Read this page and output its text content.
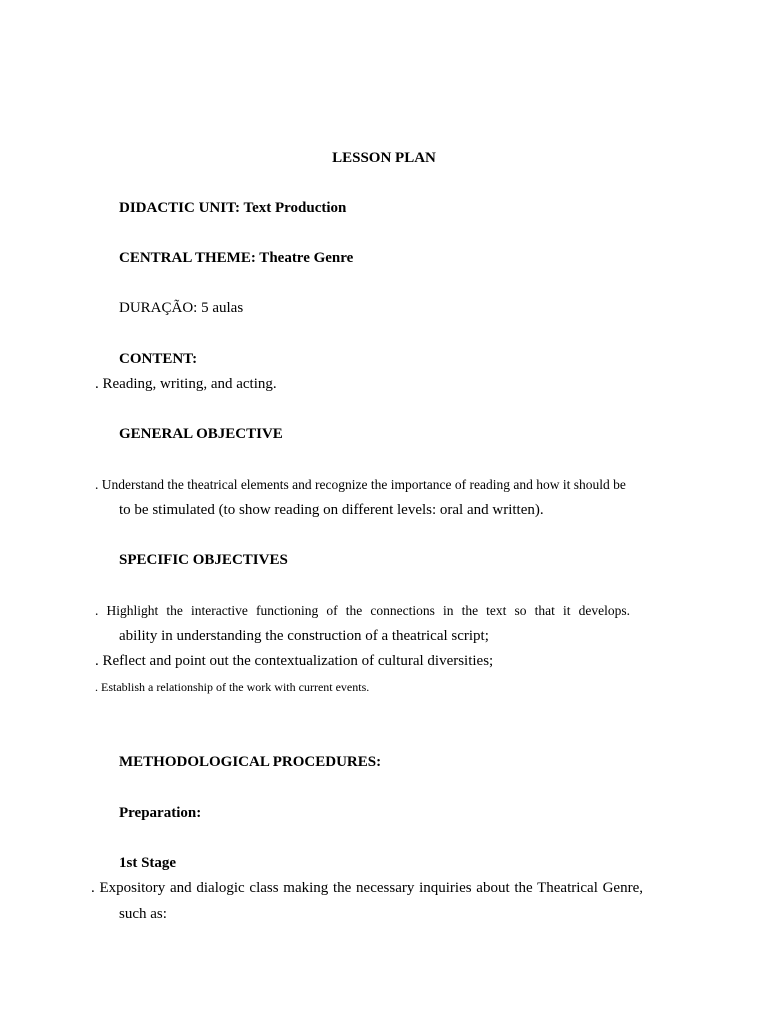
LESSON PLAN
DIDACTIC UNIT: Text Production
CENTRAL THEME: Theatre Genre
DURAÇÃO: 5 aulas
CONTENT:
. Reading, writing, and acting.
GENERAL OBJECTIVE
. Understand the theatrical elements and recognize the importance of reading and how it should be
to be stimulated (to show reading on different levels: oral and written).
SPECIFIC OBJECTIVES
. Highlight the interactive functioning of the connections in the text so that it develops.
ability in understanding the construction of a theatrical script;
. Reflect and point out the contextualization of cultural diversities;
. Establish a relationship of the work with current events.
METHODOLOGICAL PROCEDURES:
Preparation:
1st Stage
. Expository and dialogic class making the necessary inquiries about the Theatrical Genre,
such as:
